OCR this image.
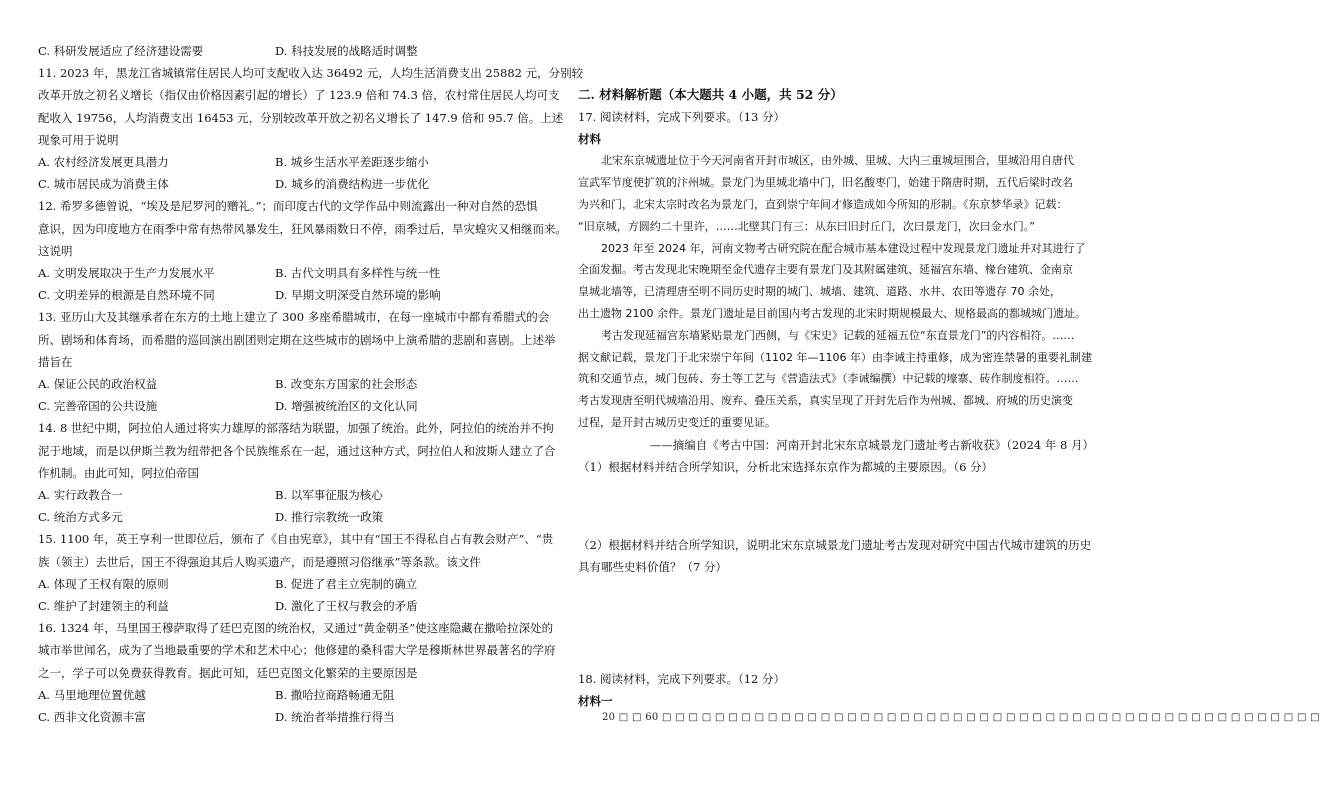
C. 科研发展适应了经济建设需要	D. 科技发展的战略适时调整
11. 2023 年，黑龙江省城镇常住居民人均可支配收入达 36492 元，人均生活消费支出 25882 元，分别较
改革开放之初名义增长（指仅由价格因素引起的增长）了 123.9 倍和 74.3 倍，农村常住居民人均可支
配收入 19756，人均消费支出 16453 元，分别较改革开放之初名义增长了 147.9 倍和 95.7 倍。上述
现象可用于说明
A. 农村经济发展更具潜力	B. 城乡生活水平差距逐步缩小
C. 城市居民成为消费主体	D. 城乡的消费结构进一步优化
12. 希罗多德曾说，“埃及是尼罗河的赠礼。”；而印度古代的文学作品中则流露出一种对自然的恐惧
意识，因为印度地方在雨季中常有热带风暴发生，狂风暴雨数日不停，雨季过后，旱灾蝗灾又相继而来。
这说明
A. 文明发展取决于生产力发展水平	B. 古代文明具有多样性与统一性
C. 文明差异的根源是自然环境不同	D. 早期文明深受自然环境的影响
13. 亚历山大及其继承者在东方的土地上建立了 300 多座希腊城市，在每一座城市中都有希腊式的会
所、剧场和体育场，而希腊的巡回演出剧团则定期在这些城市的剧场中上演希腊的悲剧和喜剧。上述举
措旨在
A. 保证公民的政治权益	B. 改变东方国家的社会形态
C. 完善帝国的公共设施	D. 增强被统治区的文化认同
14. 8 世纪中期，阿拉伯人通过将实力雄厚的部落结为联盟，加强了统治。此外，阿拉伯的统治并不拘
泥于地域，而是以伊斯兰教为纽带把各个民族维系在一起，通过这种方式，阿拉伯人和波斯人建立了合
作机制。由此可知，阿拉伯帝国
A. 实行政教合一	B. 以军事征服为核心
C. 统治方式多元	D. 推行宗教统一政策
15. 1100 年，英王亨利一世即位后，颁布了《自由宪章》，其中有“国王不得私自占有教会财产”、“贵
族（领主）去世后，国王不得强迫其后人购买遗产，而是遵照习俗继承”等条款。该文件
A. 体现了王权有限的原则	B. 促进了君主立宪制的确立
C. 维护了封建领主的利益	D. 激化了王权与教会的矛盾
16. 1324 年，马里国王穆萨取得了廷巴克图的统治权，又通过“黄金朝圣”使这座隐藏在撒哈拉深处的
城市举世闻名，成为了当地最重要的学术和艺术中心；他修建的桑科雷大学是穆斯林世界最著名的学府
之一，学子可以免费获得教育。据此可知，廷巴克图文化繁荣的主要原因是
A. 马里地理位置优越	B. 撒哈拉商路畅通无阻
C. 西非文化资源丰富	D. 统治者举措推行得当
二. 材料解析题（本大题共 4 小题，共 52 分）
17. 阅读材料，完成下列要求。（13 分）
材料
北宋东京城遗址位于今天河南省开封市城区，由外城、里城、大内三重城垣围合，里城沿用自唐代
宣武军节度使扩筑的汴州城。景龙门为里城北墙中门，旧名酸枣门，始建于隋唐时期，五代后梁时改名
为兴和门，北宋太宗时改名为景龙门，直到崇宁年间才修造成如今所知的形制。《东京梦华录》记载：
“旧京城，方圆约二十里许，……北壁其门有三：从东曰旧封丘门，次曰景龙门，次曰金水门。”
2023 年至 2024 年，河南文物考古研究院在配合城市基本建设过程中发现景龙门遗址并对其进行了
全面发掘。考古发现北宋晚期至金代遗存主要有景龙门及其附属建筑、延福宫东墙、椽台建筑、金南京
皇城北墙等，已清理唐至明不同历史时期的城门、城墙、建筑、道路、水井、农田等遗存 70 余处，
出土遗物 2100 余件。景龙门遗址是目前国内考古发现的北宋时期规模最大、规格最高的都城城门遗址。
考古发现延福宫东墙紧贴景龙门西侧，与《宋史》记载的延福五位“东直景龙门”的内容相符。……
据文献记载，景龙门于北宋崇宁年间（1102 年—1106 年）由李诫主持重修，成为密连禁暑的重要礼制建
筑和交通节点，城门包砖、夯土等工艺与《营造法式》（李诫编撰）中记载的壕寨、砖作制度相符。……
考古发现唐至明代城墙沿用、废弃、叠压关系，真实呈现了开封先后作为州城、都城、府城的历史演变
过程，是开封古城历史变迁的重要见证。
——摘编自《考古中国：河南开封北宋东京城景龙门遗址考古新收获》（2024 年 8 月）
（1）根据材料并结合所学知识，分析北宋选择东京作为都城的主要原因。（6 分）
（2）根据材料并结合所学知识，说明北宋东京城景龙门遗址考古发现对研究中国古代城市建筑的历史
具有哪些史料价值？（7 分）
18. 阅读材料，完成下列要求。（12 分）
材料一
20 □ □ 60 □ □ □ □ □ □ □ □ □ □ □ □ □ □ □ □ □ □ □ □ □ □ □ □ □ □ □ □ □ □ □ □ □ □ □ □ □ □ □ □ □ □ □ □ □ □ □ □ □ □
